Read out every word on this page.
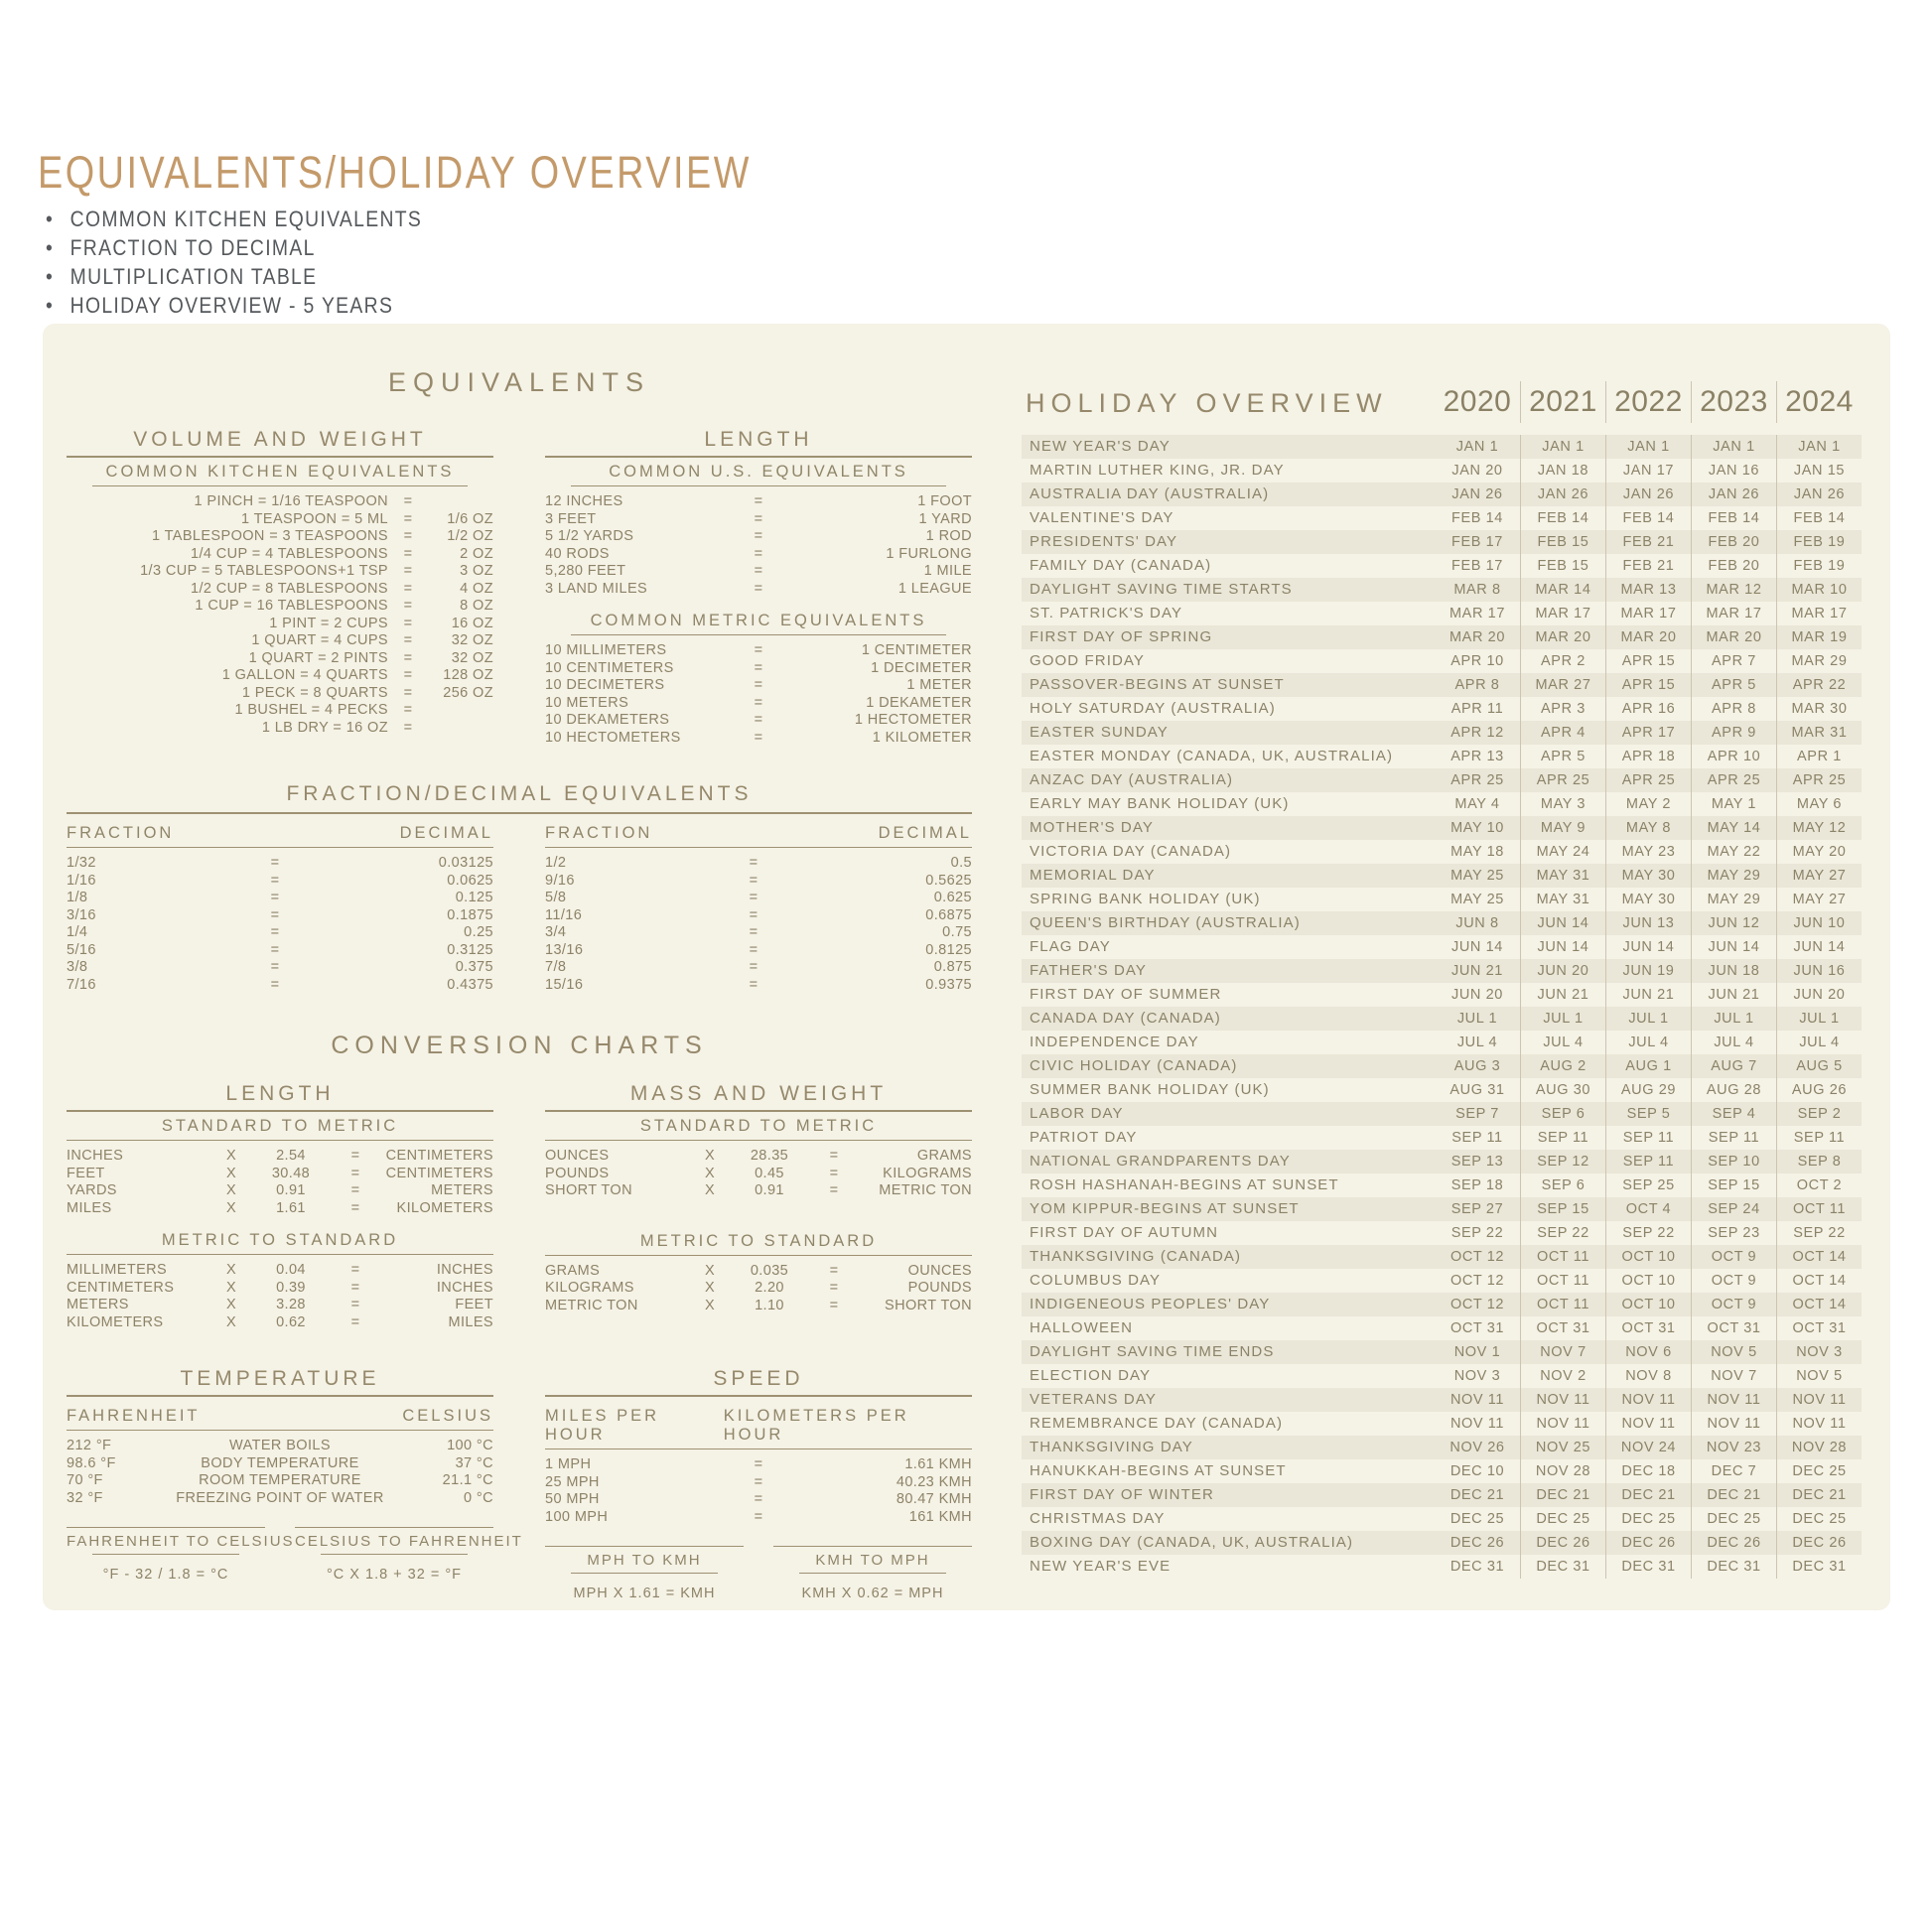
EQUIVALENTS/HOLIDAY OVERVIEW
• COMMON KITCHEN EQUIVALENTS
• FRACTION TO DECIMAL
• MULTIPLICATION TABLE
• HOLIDAY OVERVIEW - 5 YEARS
EQUIVALENTS
VOLUME AND WEIGHT
COMMON KITCHEN EQUIVALENTS
1 PINCH = 1/16 TEASPOON	=
1 TEASPOON = 5 ML	=	1/6 OZ
1 TABLESPOON = 3 TEASPOONS	=	1/2 OZ
1/4 CUP = 4 TABLESPOONS	=	2 OZ
1/3 CUP = 5 TABLESPOONS+1 TSP	=	3 OZ
1/2 CUP = 8 TABLESPOONS	=	4 OZ
1 CUP = 16 TABLESPOONS	=	8 OZ
1 PINT = 2 CUPS	=	16 OZ
1 QUART = 4 CUPS	=	32 OZ
1 QUART = 2 PINTS	=	32 OZ
1 GALLON = 4 QUARTS	=	128 OZ
1 PECK = 8 QUARTS	=	256 OZ
1 BUSHEL = 4 PECKS	=
1 LB DRY = 16 OZ	=
LENGTH
COMMON U.S. EQUIVALENTS
12 INCHES	=	1 FOOT
3 FEET	=	1 YARD
5 1/2 YARDS	=	1 ROD
40 RODS	=	1 FURLONG
5,280 FEET	=	1 MILE
3 LAND MILES	=	1 LEAGUE
COMMON METRIC EQUIVALENTS
10 MILLIMETERS	=	1 CENTIMETER
10 CENTIMETERS	=	1 DECIMETER
10 DECIMETERS	=	1 METER
10 METERS	=	1 DEKAMETER
10 DEKAMETERS	=	1 HECTOMETER
10 HECTOMETERS	=	1 KILOMETER
FRACTION/DECIMAL EQUIVALENTS
FRACTION	DECIMAL
1/32	=	0.03125
1/16	=	0.0625
1/8	=	0.125
3/16	=	0.1875
1/4	=	0.25
5/16	=	0.3125
3/8	=	0.375
7/16	=	0.4375
FRACTION	DECIMAL
1/2	=	0.5
9/16	=	0.5625
5/8	=	0.625
11/16	=	0.6875
3/4	=	0.75
13/16	=	0.8125
7/8	=	0.875
15/16	=	0.9375
CONVERSION CHARTS
LENGTH
STANDARD TO METRIC
INCHES	X	2.54	=	CENTIMETERS
FEET	X	30.48	=	CENTIMETERS
YARDS	X	0.91	=	METERS
MILES	X	1.61	=	KILOMETERS
METRIC TO STANDARD
MILLIMETERS	X	0.04	=	INCHES
CENTIMETERS	X	0.39	=	INCHES
METERS	X	3.28	=	FEET
KILOMETERS	X	0.62	=	MILES
MASS AND WEIGHT
STANDARD TO METRIC
OUNCES	X	28.35	=	GRAMS
POUNDS	X	0.45	=	KILOGRAMS
SHORT TON	X	0.91	=	METRIC TON
METRIC TO STANDARD
GRAMS	X	0.035	=	OUNCES
KILOGRAMS	X	2.20	=	POUNDS
METRIC TON	X	1.10	=	SHORT TON
TEMPERATURE
FAHRENHEIT	CELSIUS
212 °F	WATER BOILS	100 °C
98.6 °F	BODY TEMPERATURE	37 °C
70 °F	ROOM TEMPERATURE	21.1 °C
32 °F	FREEZING POINT OF WATER	0 °C
FAHRENHEIT TO CELSIUS
°F - 32 / 1.8 = °C
CELSIUS TO FAHRENHEIT
°C X 1.8 + 32 = °F
SPEED
MILES PER HOUR
KILOMETERS PER HOUR
1 MPH	=	1.61 KMH
25 MPH	=	40.23 KMH
50 MPH	=	80.47 KMH
100 MPH	=	161 KMH
MPH TO KMH
MPH X 1.61 = KMH
KMH TO MPH
KMH X 0.62 = MPH
HOLIDAY OVERVIEW	2020 2021 2022 2023 2024
NEW YEAR'S DAY	JAN 1	JAN 1	JAN 1	JAN 1	JAN 1
MARTIN LUTHER KING, JR. DAY	JAN 20	JAN 18	JAN 17	JAN 16	JAN 15
AUSTRALIA DAY (AUSTRALIA)	JAN 26	JAN 26	JAN 26	JAN 26	JAN 26
VALENTINE'S DAY	FEB 14	FEB 14	FEB 14	FEB 14	FEB 14
PRESIDENTS' DAY	FEB 17	FEB 15	FEB 21	FEB 20	FEB 19
FAMILY DAY (CANADA)	FEB 17	FEB 15	FEB 21	FEB 20	FEB 19
DAYLIGHT SAVING TIME STARTS	MAR 8	MAR 14	MAR 13	MAR 12	MAR 10
ST. PATRICK'S DAY	MAR 17	MAR 17	MAR 17	MAR 17	MAR 17
FIRST DAY OF SPRING	MAR 20	MAR 20	MAR 20	MAR 20	MAR 19
GOOD FRIDAY	APR 10	APR 2	APR 15	APR 7	MAR 29
PASSOVER-BEGINS AT SUNSET	APR 8	MAR 27	APR 15	APR 5	APR 22
HOLY SATURDAY (AUSTRALIA)	APR 11	APR 3	APR 16	APR 8	MAR 30
EASTER SUNDAY	APR 12	APR 4	APR 17	APR 9	MAR 31
EASTER MONDAY (CANADA, UK, AUSTRALIA)	APR 13	APR 5	APR 18	APR 10	APR 1
ANZAC DAY (AUSTRALIA)	APR 25	APR 25	APR 25	APR 25	APR 25
EARLY MAY BANK HOLIDAY (UK)	MAY 4	MAY 3	MAY 2	MAY 1	MAY 6
MOTHER'S DAY	MAY 10	MAY 9	MAY 8	MAY 14	MAY 12
VICTORIA DAY (CANADA)	MAY 18	MAY 24	MAY 23	MAY 22	MAY 20
MEMORIAL DAY	MAY 25	MAY 31	MAY 30	MAY 29	MAY 27
SPRING BANK HOLIDAY (UK)	MAY 25	MAY 31	MAY 30	MAY 29	MAY 27
QUEEN'S BIRTHDAY (AUSTRALIA)	JUN 8	JUN 14	JUN 13	JUN 12	JUN 10
FLAG DAY	JUN 14	JUN 14	JUN 14	JUN 14	JUN 14
FATHER'S DAY	JUN 21	JUN 20	JUN 19	JUN 18	JUN 16
FIRST DAY OF SUMMER	JUN 20	JUN 21	JUN 21	JUN 21	JUN 20
CANADA DAY (CANADA)	JUL 1	JUL 1	JUL 1	JUL 1	JUL 1
INDEPENDENCE DAY	JUL 4	JUL 4	JUL 4	JUL 4	JUL 4
CIVIC HOLIDAY (CANADA)	AUG 3	AUG 2	AUG 1	AUG 7	AUG 5
SUMMER BANK HOLIDAY (UK)	AUG 31	AUG 30	AUG 29	AUG 28	AUG 26
LABOR DAY	SEP 7	SEP 6	SEP 5	SEP 4	SEP 2
PATRIOT DAY	SEP 11	SEP 11	SEP 11	SEP 11	SEP 11
NATIONAL GRANDPARENTS DAY	SEP 13	SEP 12	SEP 11	SEP 10	SEP 8
ROSH HASHANAH-BEGINS AT SUNSET	SEP 18	SEP 6	SEP 25	SEP 15	OCT 2
YOM KIPPUR-BEGINS AT SUNSET	SEP 27	SEP 15	OCT 4	SEP 24	OCT 11
FIRST DAY OF AUTUMN	SEP 22	SEP 22	SEP 22	SEP 23	SEP 22
THANKSGIVING (CANADA)	OCT 12	OCT 11	OCT 10	OCT 9	OCT 14
COLUMBUS DAY	OCT 12	OCT 11	OCT 10	OCT 9	OCT 14
INDIGENEOUS PEOPLES' DAY	OCT 12	OCT 11	OCT 10	OCT 9	OCT 14
HALLOWEEN	OCT 31	OCT 31	OCT 31	OCT 31	OCT 31
DAYLIGHT SAVING TIME ENDS	NOV 1	NOV 7	NOV 6	NOV 5	NOV 3
ELECTION DAY	NOV 3	NOV 2	NOV 8	NOV 7	NOV 5
VETERANS DAY	NOV 11	NOV 11	NOV 11	NOV 11	NOV 11
REMEMBRANCE DAY (CANADA)	NOV 11	NOV 11	NOV 11	NOV 11	NOV 11
THANKSGIVING DAY	NOV 26	NOV 25	NOV 24	NOV 23	NOV 28
HANUKKAH-BEGINS AT SUNSET	DEC 10	NOV 28	DEC 18	DEC 7	DEC 25
FIRST DAY OF WINTER	DEC 21	DEC 21	DEC 21	DEC 21	DEC 21
CHRISTMAS DAY	DEC 25	DEC 25	DEC 25	DEC 25	DEC 25
BOXING DAY (CANADA, UK, AUSTRALIA)	DEC 26	DEC 26	DEC 26	DEC 26	DEC 26
NEW YEAR'S EVE	DEC 31	DEC 31	DEC 31	DEC 31	DEC 31
